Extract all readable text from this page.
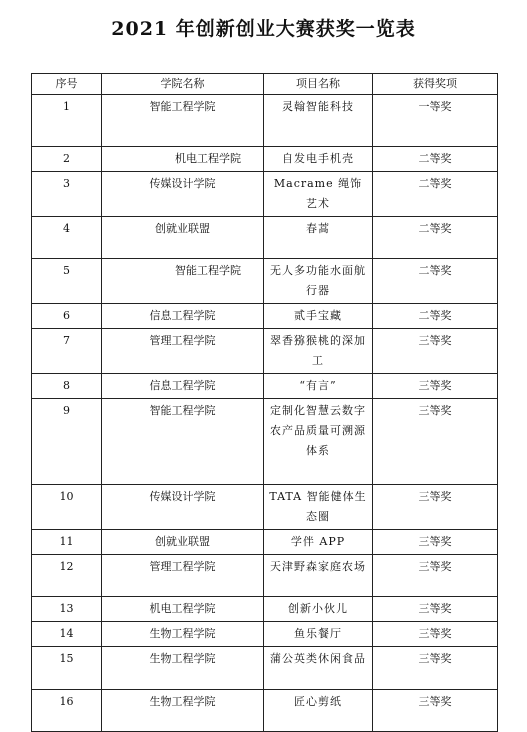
2021 年创新创业大赛获奖一览表
序号	学院名称	项目名称	获得奖项
1	智能工程学院	灵翰智能科技	一等奖
2	机电工程学院	自发电手机壳	二等奖
3	传媒设计学院	Macrame 绳饰艺术	二等奖
4	创就业联盟	春蒿	二等奖
5	智能工程学院	无人多功能水面航行器	二等奖
6	信息工程学院	贰手宝藏	二等奖
7	管理工程学院	翠香猕猴桃的深加工	三等奖
8	信息工程学院	“有言”	三等奖
9	智能工程学院	定制化智慧云数字农产品质量可溯源体系	三等奖
10	传媒设计学院	TATA 智能健体生态圈	三等奖
11	创就业联盟	学伴 APP	三等奖
12	管理工程学院	天津野森家庭农场	三等奖
13	机电工程学院	创新小伙儿	三等奖
14	生物工程学院	鱼乐餐厅	三等奖
15	生物工程学院	蒲公英类休闲食品	三等奖
16	生物工程学院	匠心剪纸	三等奖
